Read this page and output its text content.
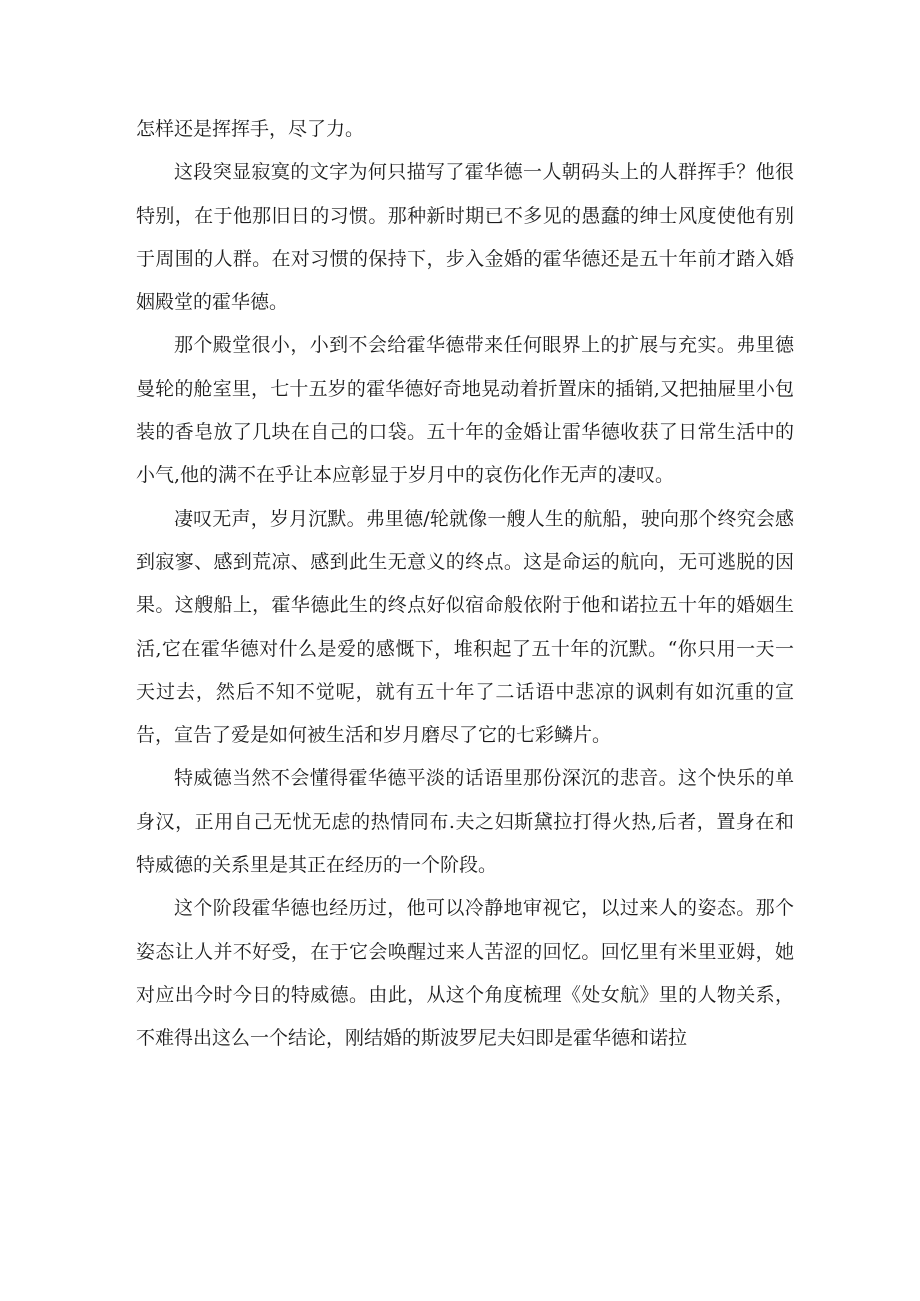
怎样还是挥挥手，尽了力。

这段突显寂寞的文字为何只描写了霍华德一人朝码头上的人群挥手？他很特别，在于他那旧日的习惯。那种新时期已不多见的愚蠢的绅士风度使他有别于周围的人群。在对习惯的保持下，步入金婚的霍华德还是五十年前才踏入婚姻殿堂的霍华德。

那个殿堂很小，小到不会给霍华德带来任何眼界上的扩展与充实。弗里德曼轮的舱室里，七十五岁的霍华德好奇地晃动着折置床的插销,又把抽屉里小包装的香皂放了几块在自己的口袋。五十年的金婚让雷华德收获了日常生活中的小气,他的满不在乎让本应彰显于岁月中的哀伤化作无声的凄叹。

凄叹无声，岁月沉默。弗里德/轮就像一艘人生的航船，驶向那个终究会感到寂寥、感到荒凉、感到此生无意义的终点。这是命运的航向，无可逃脱的因果。这艘船上，霍华德此生的终点好似宿命般依附于他和诺拉五十年的婚姻生活,它在霍华德对什么是爱的感慨下，堆积起了五十年的沉默。“你只用一天一天过去，然后不知不觉呢，就有五十年了二话语中悲凉的讽刺有如沉重的宣告，宣告了爱是如何被生活和岁月磨尽了它的七彩鳞片。

特威德当然不会懂得霍华德平淡的话语里那份深沉的悲音。这个快乐的单身汉，正用自己无忧无虑的热情同布.夫之妇斯黛拉打得火热,后者，置身在和特威德的关系里是其正在经历的一个阶段。

这个阶段霍华德也经历过，他可以冷静地审视它，以过来人的姿态。那个姿态让人并不好受，在于它会唤醒过来人苦涩的回忆。回忆里有米里亚姆，她对应出今时今日的特威德。由此，从这个角度梳理《处女航》里的人物关系，不难得出这么一个结论，刚结婚的斯波罗尼夫妇即是霍华德和诺拉
